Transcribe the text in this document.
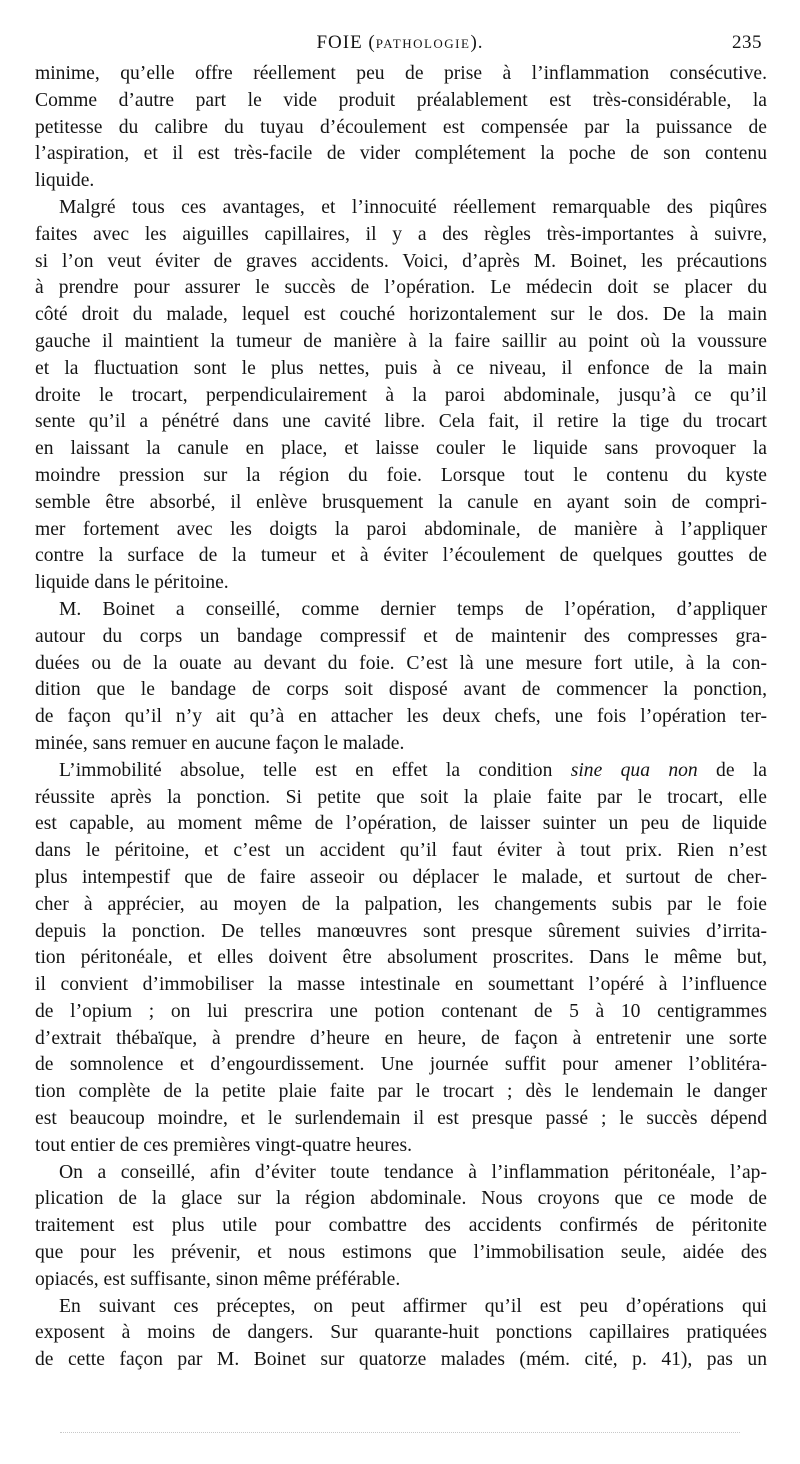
FOIE (PATHOLOGIE).	235

minime, qu’elle offre réellement peu de prise à l’inflammation consécutive.
Comme d’autre part le vide produit préalablement est très-considérable, la
petitesse du calibre du tuyau d’écoulement est compensée par la puissance de
l’aspiration, et il est très-facile de vider complétement la poche de son contenu
liquide.

Malgré tous ces avantages, et l’innocuité réellement remarquable des piqûres
faites avec les aiguilles capillaires, il y a des règles très-importantes à suivre,
si l’on veut éviter de graves accidents. Voici, d’après M. Boinet, les précautions
à prendre pour assurer le succès de l’opération. Le médecin doit se placer du
côté droit du malade, lequel est couché horizontalement sur le dos. De la main
gauche il maintient la tumeur de manière à la faire saillir au point où la voussure
et la fluctuation sont le plus nettes, puis à ce niveau, il enfonce de la main
droite le trocart, perpendiculairement à la paroi abdominale, jusqu’à ce qu’il
sente qu’il a pénétré dans une cavité libre. Cela fait, il retire la tige du trocart
en laissant la canule en place, et laisse couler le liquide sans provoquer la
moindre pression sur la région du foie. Lorsque tout le contenu du kyste
semble être absorbé, il enlève brusquement la canule en ayant soin de compri-
mer fortement avec les doigts la paroi abdominale, de manière à l’appliquer
contre la surface de la tumeur et à éviter l’écoulement de quelques gouttes de
liquide dans le péritoine.

M. Boinet a conseillé, comme dernier temps de l’opération, d’appliquer
autour du corps un bandage compressif et de maintenir des compresses gra-
duées ou de la ouate au devant du foie. C’est là une mesure fort utile, à la con-
dition que le bandage de corps soit disposé avant de commencer la ponction,
de façon qu’il n’y ait qu’à en attacher les deux chefs, une fois l’opération ter-
minée, sans remuer en aucune façon le malade.

L’immobilité absolue, telle est en effet la condition sine qua non de la
réussite après la ponction. Si petite que soit la plaie faite par le trocart, elle
est capable, au moment même de l’opération, de laisser suinter un peu de liquide
dans le péritoine, et c’est un accident qu’il faut éviter à tout prix. Rien n’est
plus intempestif que de faire asseoir ou déplacer le malade, et surtout de cher-
cher à apprécier, au moyen de la palpation, les changements subis par le foie
depuis la ponction. De telles manœuvres sont presque sûrement suivies d’irrita-
tion péritonéale, et elles doivent être absolument proscrites. Dans le même but,
il convient d’immobiliser la masse intestinale en soumettant l’opéré à l’influence
de l’opium ; on lui prescrira une potion contenant de 5 à 10 centigrammes
d’extrait thébaïque, à prendre d’heure en heure, de façon à entretenir une sorte
de somnolence et d’engourdissement. Une journée suffit pour amener l’oblitéra-
tion complète de la petite plaie faite par le trocart ; dès le lendemain le danger
est beaucoup moindre, et le surlendemain il est presque passé ; le succès dépend
tout entier de ces premières vingt-quatre heures.

On a conseillé, afin d’éviter toute tendance à l’inflammation péritonéale, l’ap-
plication de la glace sur la région abdominale. Nous croyons que ce mode de
traitement est plus utile pour combattre des accidents confirmés de péritonite
que pour les prévenir, et nous estimons que l’immobilisation seule, aidée des
opiacés, est suffisante, sinon même préférable.

En suivant ces préceptes, on peut affirmer qu’il est peu d’opérations qui
exposent à moins de dangers. Sur quarante-huit ponctions capillaires pratiquées
de cette façon par M. Boinet sur quatorze malades (mém. cité, p. 41), pas un
